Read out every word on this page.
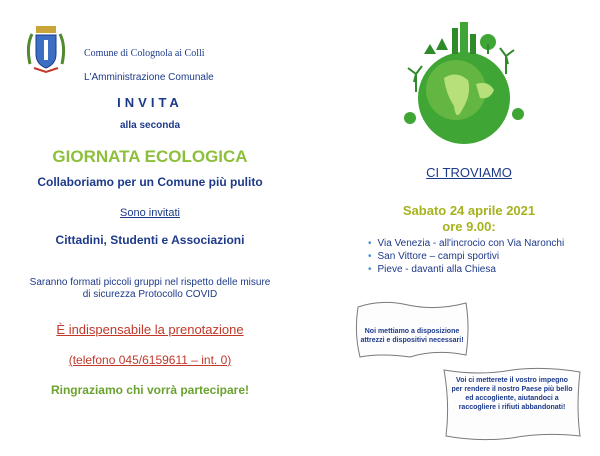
Comune di Colognola ai Colli
L'Amministrazione Comunale
INVITA
alla seconda
GIORNATA ECOLOGICA
Collaboriamo per un Comune più pulito
Sono invitati
Cittadini, Studenti e Associazioni
Saranno formati piccoli gruppi nel rispetto delle misure
di sicurezza Protocollo COVID
È indispensabile la prenotazione
(telefono 045/6159611 – int. 0)
Ringraziamo chi vorrà partecipare!
CI TROVIAMO
Sabato 24 aprile 2021
ore 9.00:
• Via Venezia - all'incrocio con Via Naronchi
• San Vittore – campi sportivi
• Pieve - davanti alla Chiesa
Noi mettiamo a disposizione
attrezzi e dispositivi necessari!
Voi ci metterete il vostro impegno
per rendere il nostro Paese più bello
ed accogliente, aiutandoci a
raccogliere i rifiuti abbandonati!
